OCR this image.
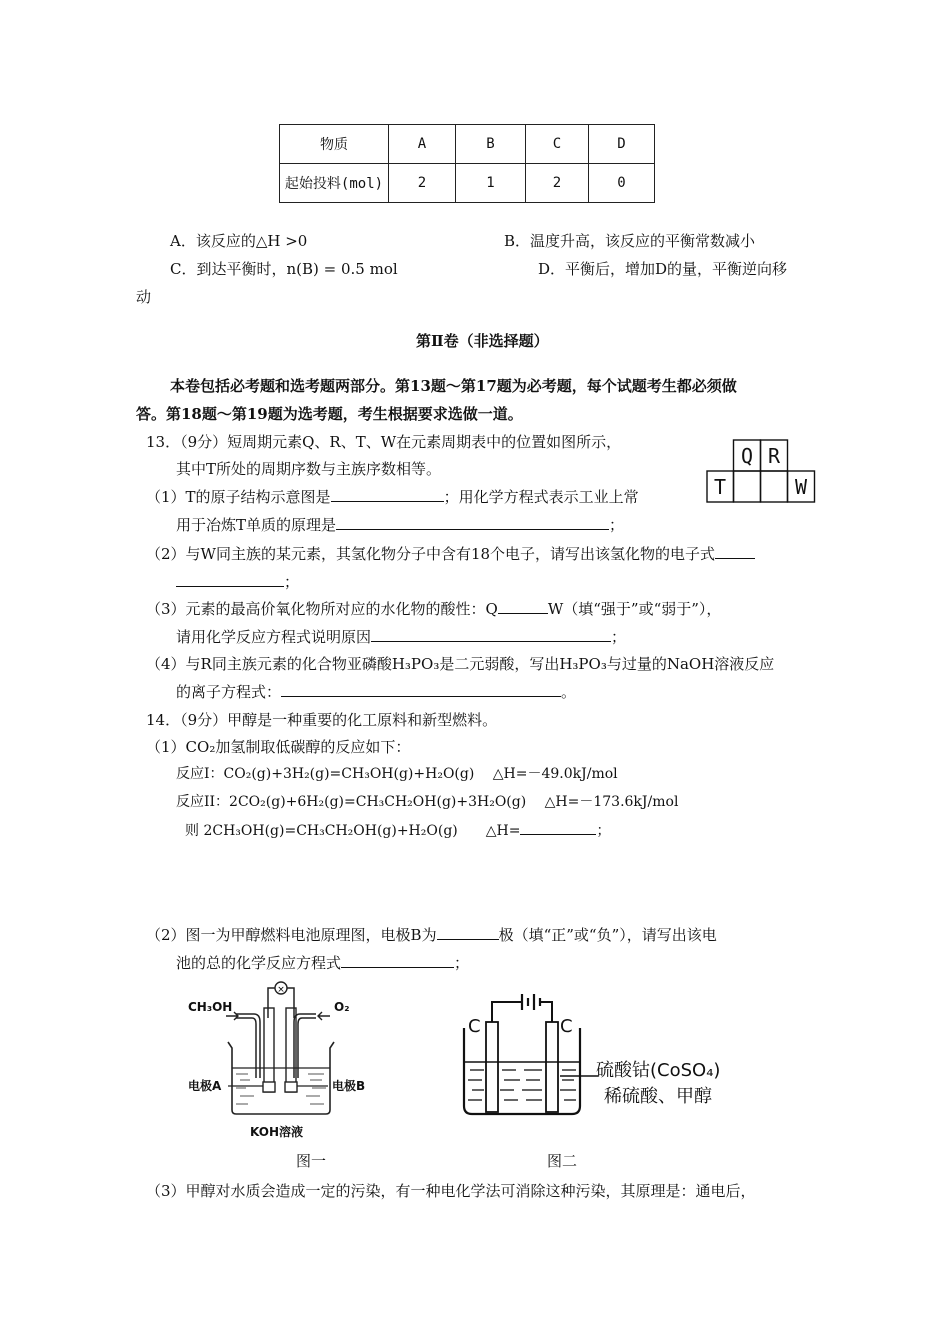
物质	A	B	C	D
起始投料(mol)	2	1	2	0
A．该反应的△H >0	B．温度升高，该反应的平衡常数减小
C．到达平衡时，n(B) = 0.5 mol	D．平衡后，增加D的量，平衡逆向移
动
第Ⅱ卷（非选择题）
本卷包括必考题和选考题两部分。第13题～第17题为必考题，每个试题考生都必须做
答。第18题～第19题为选考题，考生根据要求选做一道。
13．（9分）短周期元素Q、R、T、W在元素周期表中的位置如图所示，
其中T所处的周期序数与主族序数相等。
Q R
T	W
（1）T的原子结构示意图是	；用化学方程式表示工业上常
用于冶炼T单质的原理是	；
（2）与W同主族的某元素，其氢化物分子中含有18个电子，请写出该氢化物的电子式
；
（3）元素的最高价氧化物所对应的水化物的酸性：Q	W（填“强于”或“弱于”），
请用化学反应方程式说明原因	；
（4）与R同主族元素的化合物亚磷酸H₃PO₃是二元弱酸，写出H₃PO₃与过量的NaOH溶液反应
的离子方程式：	。
14．（9分）甲醇是一种重要的化工原料和新型燃料。
（1）CO₂加氢制取低碳醇的反应如下：
反应I：CO₂(g)+3H₂(g)=CH₃OH(g)+H₂O(g)　 △H=－49.0kJ/mol
反应II：2CO₂(g)+6H₂(g)=CH₃CH₂OH(g)+3H₂O(g)　 △H=－173.6kJ/mol
则 2CH₃OH(g)=CH₃CH₂OH(g)+H₂O(g)　　△H=	；
（2）图一为甲醇燃料电池原理图，电极B为	极（填“正”或“负”），请写出该电
池的总的化学反应方程式	；
×
CH₃OH	O₂
电极A	电极B
KOH溶液
图一
C	C
硫酸钴(CoSO₄)
稀硫酸、甲醇
图二
（3）甲醇对水质会造成一定的污染，有一种电化学法可消除这种污染，其原理是：通电后，
